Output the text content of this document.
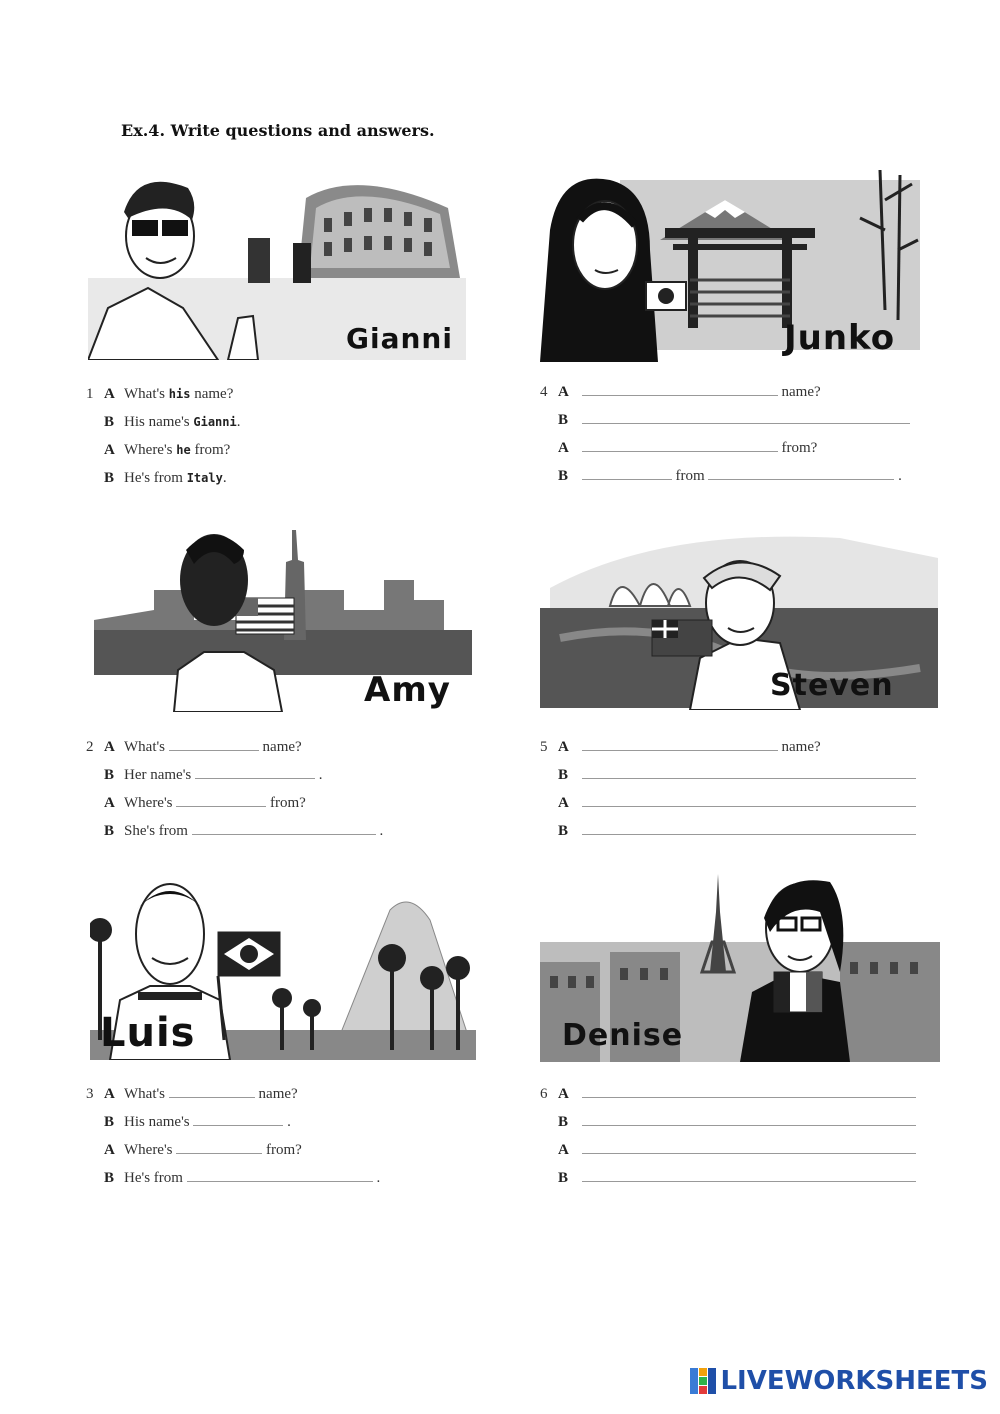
Ex.4. Write questions and answers.
Gianni	Junko
Amy	Steven
Luis	Denise
1 A What's his name?
B His name's Gianni.
A Where's he from?
B He's from Italy.
4 A	name?
B
A	from?
B	from	.
2 A What's	name?
B Her name's	.
A Where's	from?
B She's from	.
5 A	name?
B
A
B
3 A What's	name?
B His name's	.
A Where's	from?
B He's from	.
6 A
B
A
B
LIVEWORKSHEETS
